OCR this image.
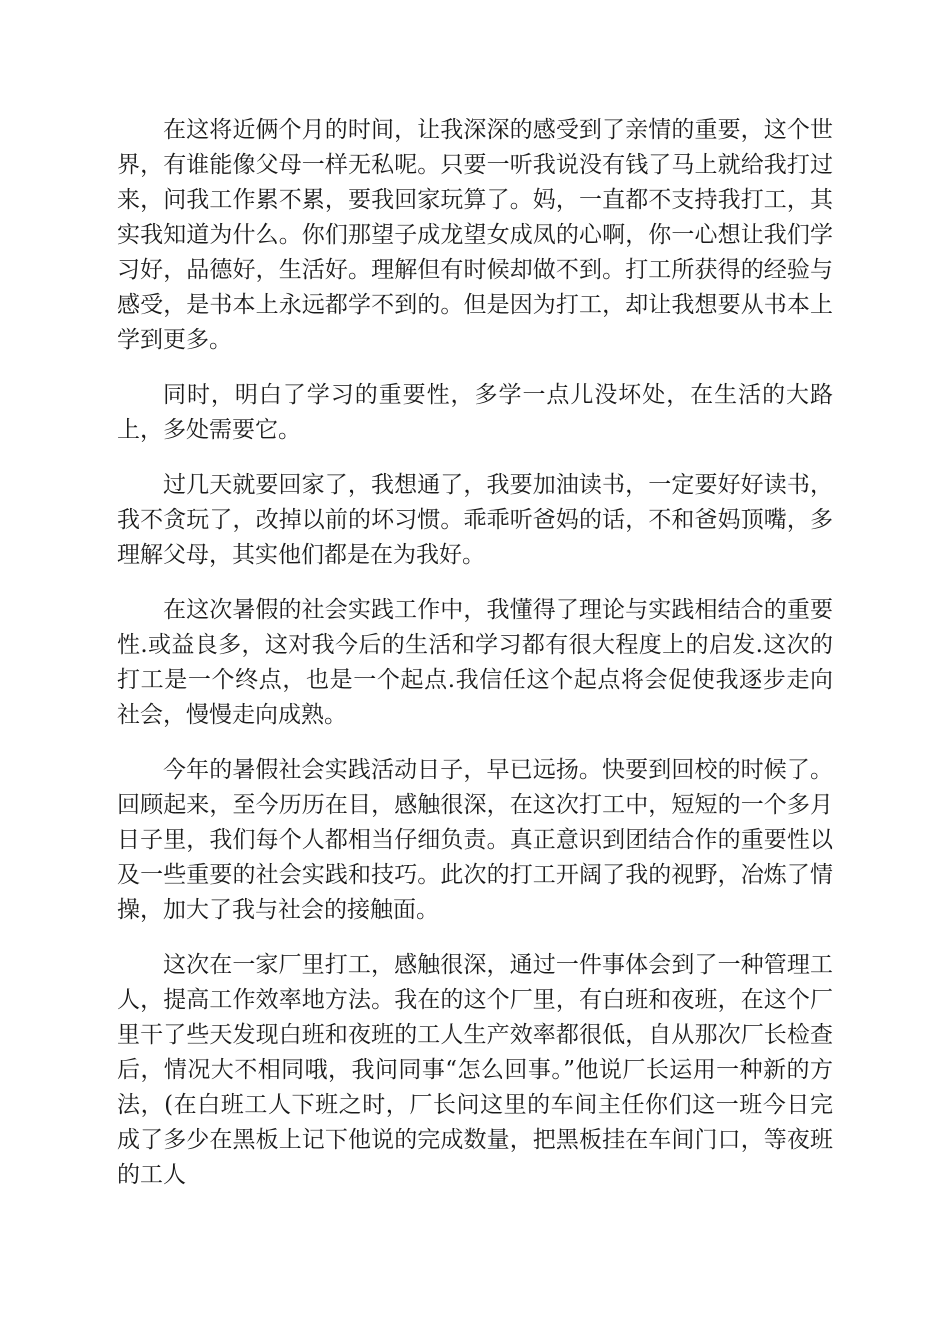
在这将近俩个月的时间，让我深深的感受到了亲情的重要，这个世界，有谁能像父母一样无私呢。只要一听我说没有钱了马上就给我打过来，问我工作累不累，要我回家玩算了。妈，一直都不支持我打工，其实我知道为什么。你们那望子成龙望女成凤的心啊，你一心想让我们学习好，品德好，生活好。理解但有时候却做不到。打工所获得的经验与感受，是书本上永远都学不到的。但是因为打工，却让我想要从书本上学到更多。

同时，明白了学习的重要性，多学一点儿没坏处，在生活的大路上，多处需要它。

过几天就要回家了，我想通了，我要加油读书，一定要好好读书，我不贪玩了，改掉以前的坏习惯。乖乖听爸妈的话，不和爸妈顶嘴，多理解父母，其实他们都是在为我好。

在这次暑假的社会实践工作中，我懂得了理论与实践相结合的重要性.或益良多，这对我今后的生活和学习都有很大程度上的启发.这次的打工是一个终点，也是一个起点.我信任这个起点将会促使我逐步走向社会，慢慢走向成熟。

今年的暑假社会实践活动日子，早已远扬。快要到回校的时候了。回顾起来，至今历历在目，感触很深，在这次打工中，短短的一个多月日子里，我们每个人都相当仔细负责。真正意识到团结合作的重要性以及一些重要的社会实践和技巧。此次的打工开阔了我的视野，冶炼了情操，加大了我与社会的接触面。

这次在一家厂里打工，感触很深，通过一件事体会到了一种管理工人，提高工作效率地方法。我在的这个厂里，有白班和夜班，在这个厂里干了些天发现白班和夜班的工人生产效率都很低，自从那次厂长检查后，情况大不相同哦，我问同事“怎么回事。”他说厂长运用一种新的方法，(在白班工人下班之时，厂长问这里的车间主任你们这一班今日完成了多少在黑板上记下他说的完成数量，把黑板挂在车间门口，等夜班的工人
